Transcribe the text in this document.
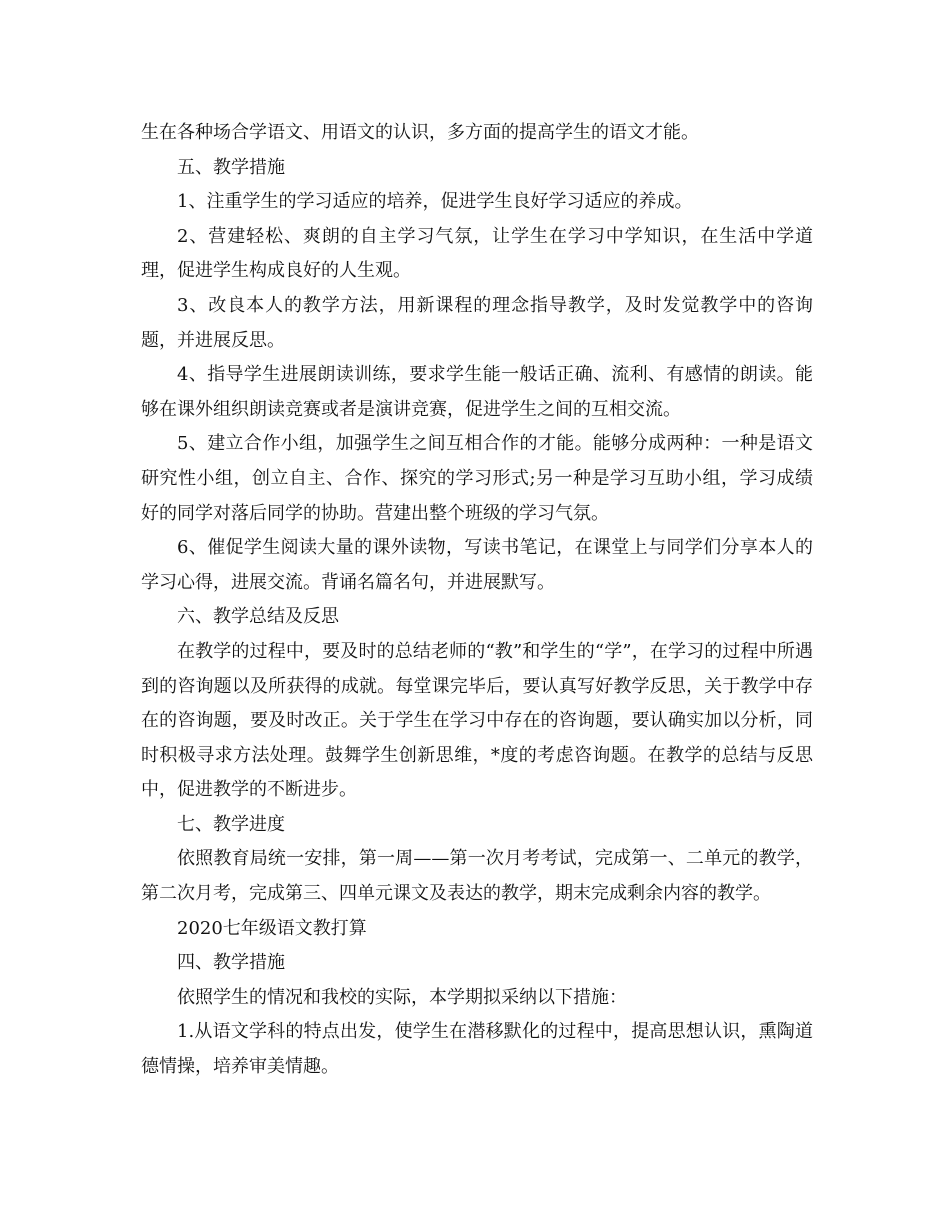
生在各种场合学语文、用语文的认识，多方面的提高学生的语文才能。

五、教学措施

1、注重学生的学习适应的培养，促进学生良好学习适应的养成。

2、营建轻松、爽朗的自主学习气氛，让学生在学习中学知识，在生活中学道理，促进学生构成良好的人生观。

3、改良本人的教学方法，用新课程的理念指导教学，及时发觉教学中的咨询题，并进展反思。

4、指导学生进展朗读训练，要求学生能一般话正确、流利、有感情的朗读。能够在课外组织朗读竞赛或者是演讲竞赛，促进学生之间的互相交流。

5、建立合作小组，加强学生之间互相合作的才能。能够分成两种：一种是语文研究性小组，创立自主、合作、探究的学习形式;另一种是学习互助小组，学习成绩好的同学对落后同学的协助。营建出整个班级的学习气氛。

6、催促学生阅读大量的课外读物，写读书笔记，在课堂上与同学们分享本人的学习心得，进展交流。背诵名篇名句，并进展默写。

六、教学总结及反思

在教学的过程中，要及时的总结老师的“教”和学生的“学”，在学习的过程中所遇到的咨询题以及所获得的成就。每堂课完毕后，要认真写好教学反思，关于教学中存在的咨询题，要及时改正。关于学生在学习中存在的咨询题，要认确实加以分析，同时积极寻求方法处理。鼓舞学生创新思维，*度的考虑咨询题。在教学的总结与反思中，促进教学的不断进步。

七、教学进度

依照教育局统一安排，第一周——第一次月考考试，完成第一、二单元的教学，第二次月考，完成第三、四单元课文及表达的教学，期末完成剩余内容的教学。

2020七年级语文教打算

四、教学措施

依照学生的情况和我校的实际，本学期拟采纳以下措施：

1.从语文学科的特点出发，使学生在潜移默化的过程中，提高思想认识，熏陶道德情操，培养审美情趣。
